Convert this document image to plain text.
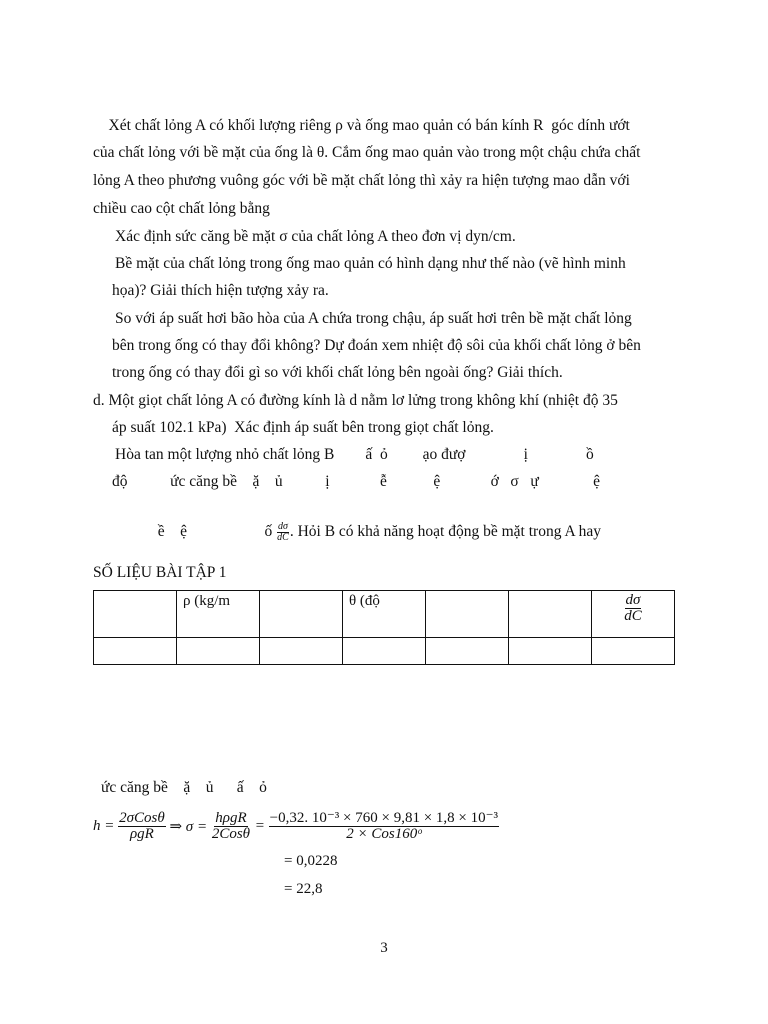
Xét chất lỏng A có khối lượng riêng ρ và ống mao quản có bán kính R  góc dính ướt
của chất lỏng với bề mặt của ống là θ. Cắm ống mao quản vào trong một chậu chứa chất
lỏng A theo phương vuông góc với bề mặt chất lỏng thì xảy ra hiện tượng mao dẫn với
chiều cao cột chất lỏng bằng
Xác định sức căng bề mặt σ của chất lỏng A theo đơn vị dyn/cm.
Bề mặt của chất lỏng trong ống mao quản có hình dạng như thế nào (vẽ hình minh
họa)? Giải thích hiện tượng xảy ra.
So với áp suất hơi bão hòa của A chứa trong chậu, áp suất hơi trên bề mặt chất lỏng
bên trong ống có thay đổi không? Dự đoán xem nhiệt độ sôi của khối chất lỏng ở bên
trong ống có thay đổi gì so với khối chất lỏng bên ngoài ống? Giải thích.
d. Một giọt chất lỏng A có đường kính là d nằm lơ lửng trong không khí (nhiệt độ 35
áp suất 102.1 kPa)  Xác định áp suất bên trong giọt chất lỏng.
Hòa tan một lượng nhỏ chất lỏng B        ấ  ỏ         ạo đượ               ị               ồ
độ           ức căng bề    ặ    ủ           ị             ễ            ệ             ớ   σ   ự              ệ

ề    ệ                    ố $\frac{d\sigma}{dC}$ . Hỏi B có khả năng hoạt động bề mặt trong A hay

SỐ LIỆU BÀI TẬP 1
	ρ (kg/m		θ (độ			$\frac{d\sigma}{dC}$

ức căng bề    ặ    ủ      ấ    ỏ
h =
$\frac{\text{2σCosθ}}{\text{ρgR}}$
⇒ σ =
$\frac{\text{hρgR}}{\text{2Cosθ}}$
=
$\frac{\text{−0,32. 10⁻³ × 760 × 9,81 × 1,8 × 10⁻³}}{\text{2 × Cos160ᵒ}}$
= 0,0228
= 22,8
3
